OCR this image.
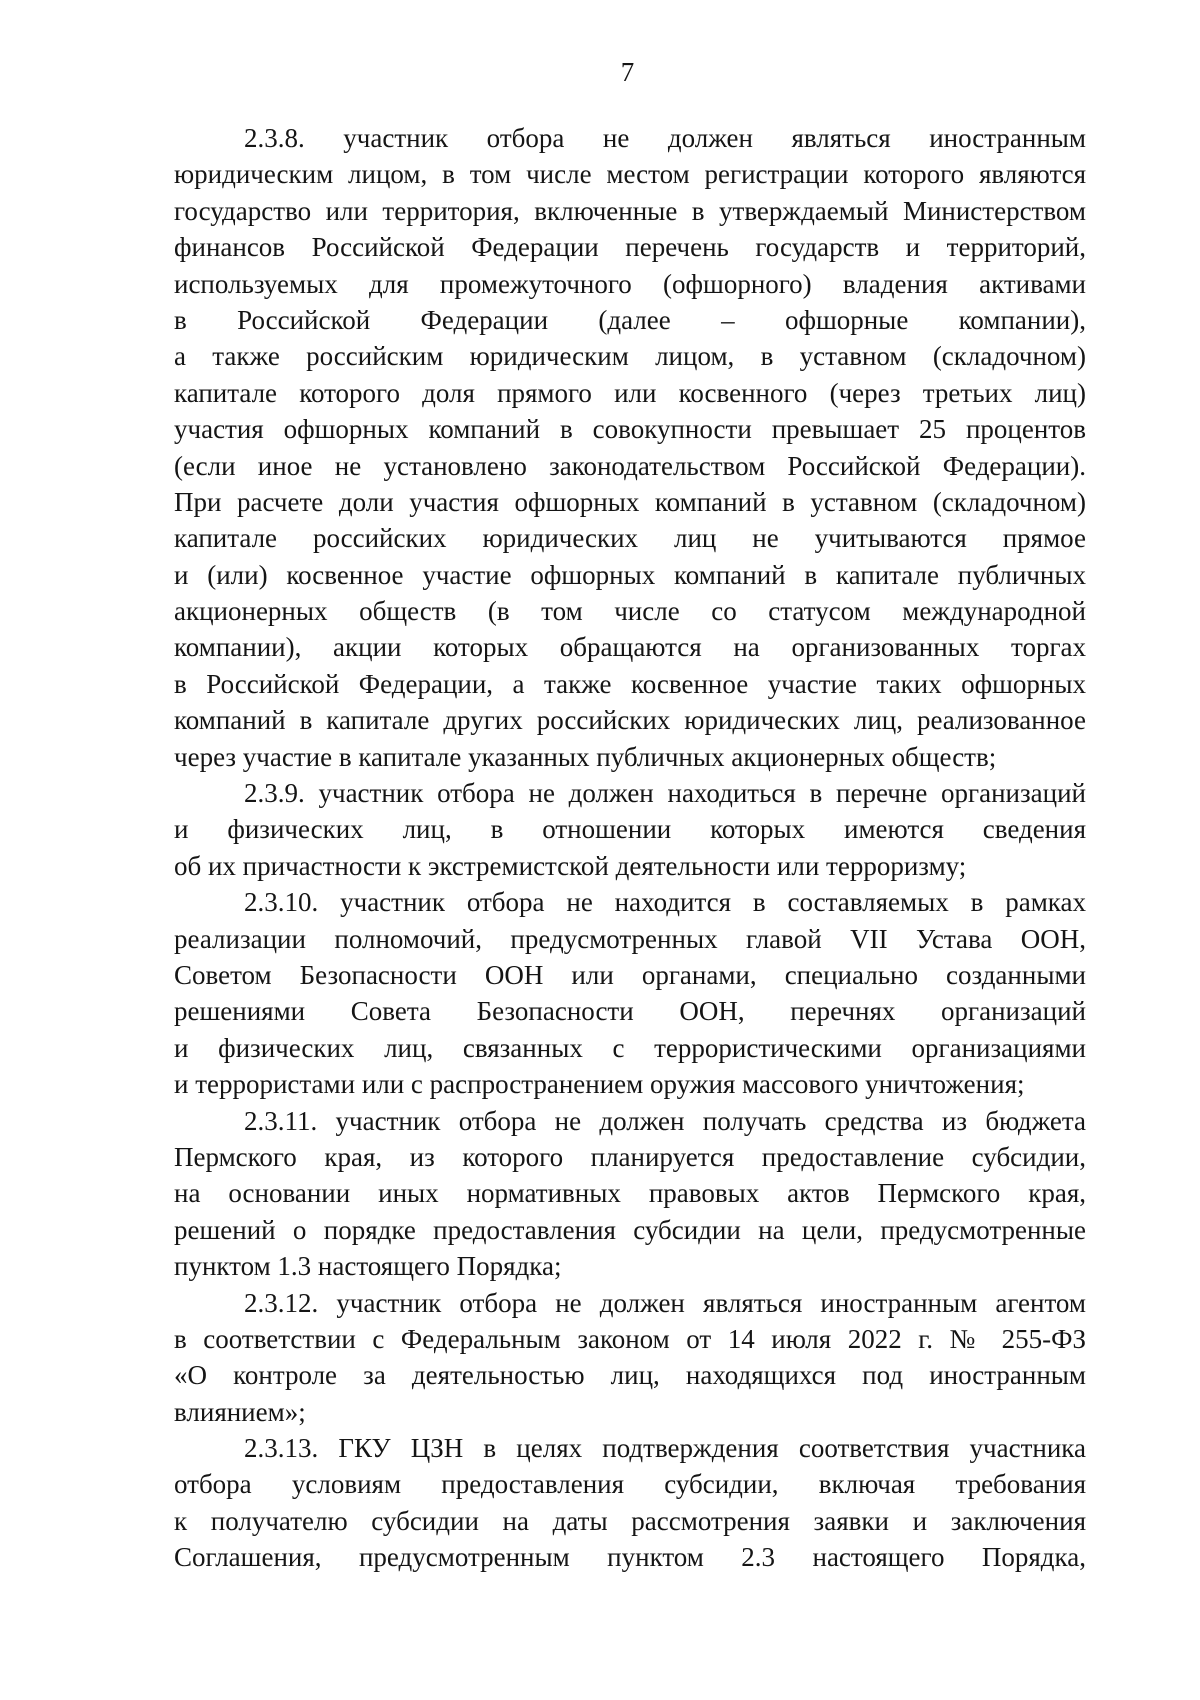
7

2.3.8. участник отбора не должен являться иностранным

юридическим лицом, в том числе местом регистрации которого являются

государство или территория, включенные в утверждаемый Министерством

финансов Российской Федерации перечень государств и территорий,

используемых для промежуточного (офшорного) владения активами

в Российской Федерации (далее – офшорные компании),

а также российским юридическим лицом, в уставном (складочном)

капитале которого доля прямого или косвенного (через третьих лиц)

участия офшорных компаний в совокупности превышает 25 процентов

(если иное не установлено законодательством Российской Федерации).

При расчете доли участия офшорных компаний в уставном (складочном)

капитале российских юридических лиц не учитываются прямое

и (или) косвенное участие офшорных компаний в капитале публичных

акционерных обществ (в том числе со статусом международной

компании), акции которых обращаются на организованных торгах

в Российской Федерации, а также косвенное участие таких офшорных

компаний в капитале других российских юридических лиц, реализованное

через участие в капитале указанных публичных акционерных обществ;

2.3.9. участник отбора не должен находиться в перечне организаций

и физических лиц, в отношении которых имеются сведения

об их причастности к экстремистской деятельности или терроризму;

2.3.10. участник отбора не находится в составляемых в рамках

реализации полномочий, предусмотренных главой VII Устава ООН,

Советом Безопасности ООН или органами, специально созданными

решениями Совета Безопасности ООН, перечнях организаций

и физических лиц, связанных с террористическими организациями

и террористами или с распространением оружия массового уничтожения;

2.3.11. участник отбора не должен получать средства из бюджета

Пермского края, из которого планируется предоставление субсидии,

на основании иных нормативных правовых актов Пермского края,

решений о порядке предоставления субсидии на цели, предусмотренные

пунктом 1.3 настоящего Порядка;

2.3.12. участник отбора не должен являться иностранным агентом

в соответствии с Федеральным законом от 14 июля 2022 г. № 255-ФЗ

«О контроле за деятельностью лиц, находящихся под иностранным

влиянием»;

2.3.13. ГКУ ЦЗН в целях подтверждения соответствия участника

отбора условиям предоставления субсидии, включая требования

к получателю субсидии на даты рассмотрения заявки и заключения

Соглашения, предусмотренным пунктом 2.3 настоящего Порядка,
